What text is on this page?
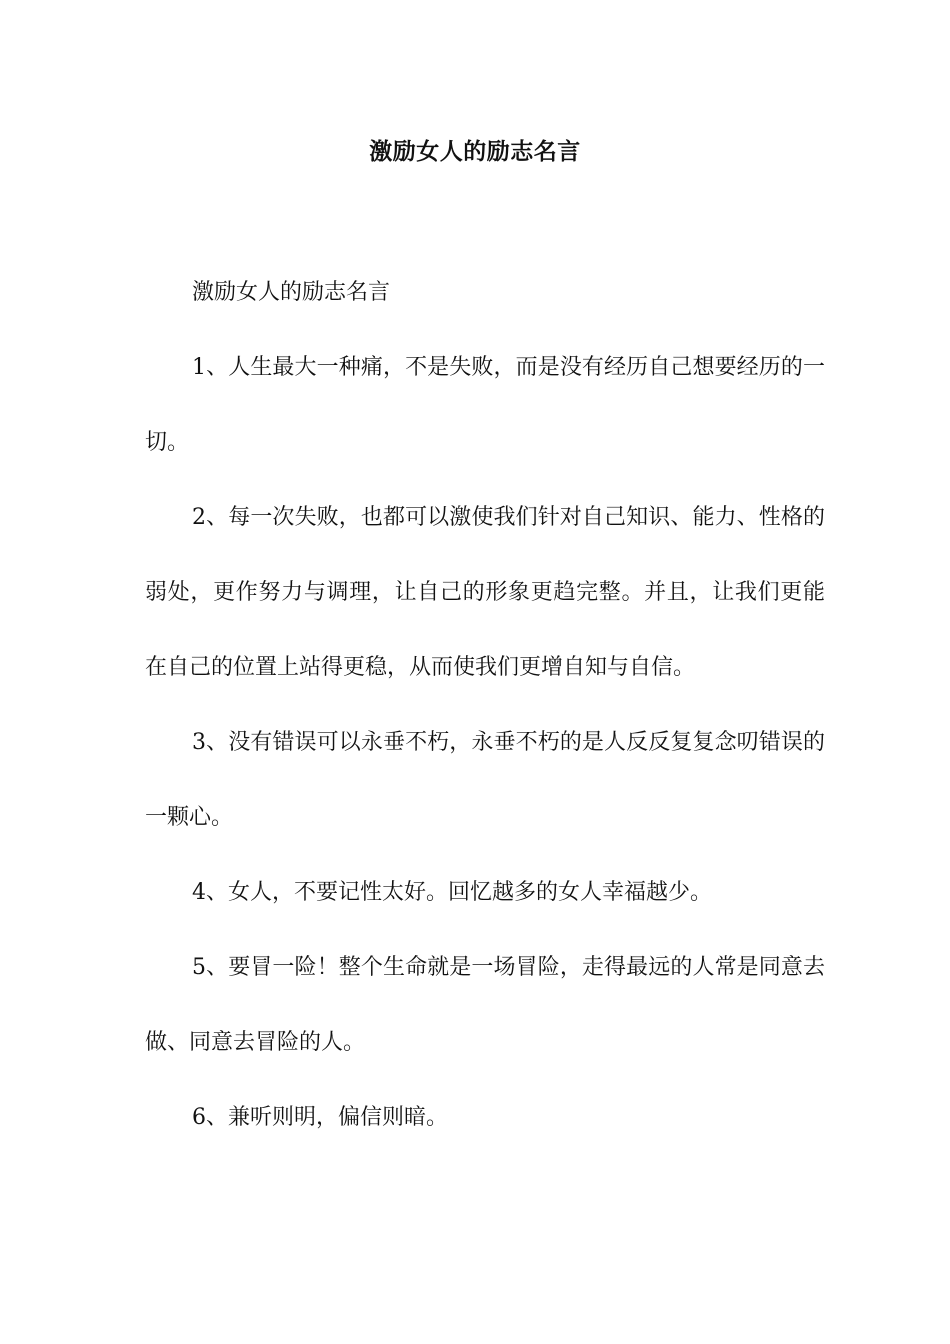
激励女人的励志名言

激励女人的励志名言

1、人生最大一种痛，不是失败，而是没有经历自己想要经历的一切。

2、每一次失败，也都可以激使我们针对自己知识、能力、性格的弱处，更作努力与调理，让自己的形象更趋完整。并且，让我们更能在自己的位置上站得更稳，从而使我们更增自知与自信。

3、没有错误可以永垂不朽，永垂不朽的是人反反复复念叨错误的一颗心。

4、女人，不要记性太好。回忆越多的女人幸福越少。

5、要冒一险！整个生命就是一场冒险，走得最远的人常是同意去做、同意去冒险的人。

6、兼听则明，偏信则暗。
